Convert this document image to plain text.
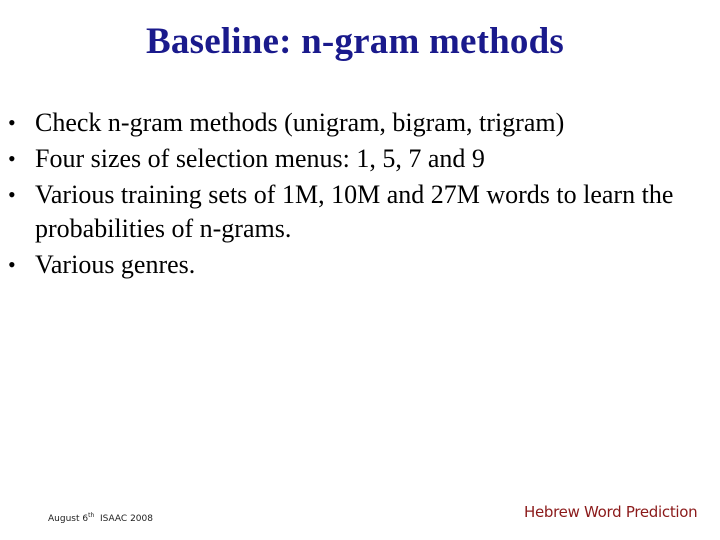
Baseline: n-gram methods
• Check n-gram methods (unigram, bigram, trigram)
• Four sizes of selection menus: 1, 5, 7 and 9
• Various training sets of 1M, 10M and 27M words to learn the probabilities of n-grams.
• Various genres.
August 6th ISAAC 2008	Hebrew Word Prediction
